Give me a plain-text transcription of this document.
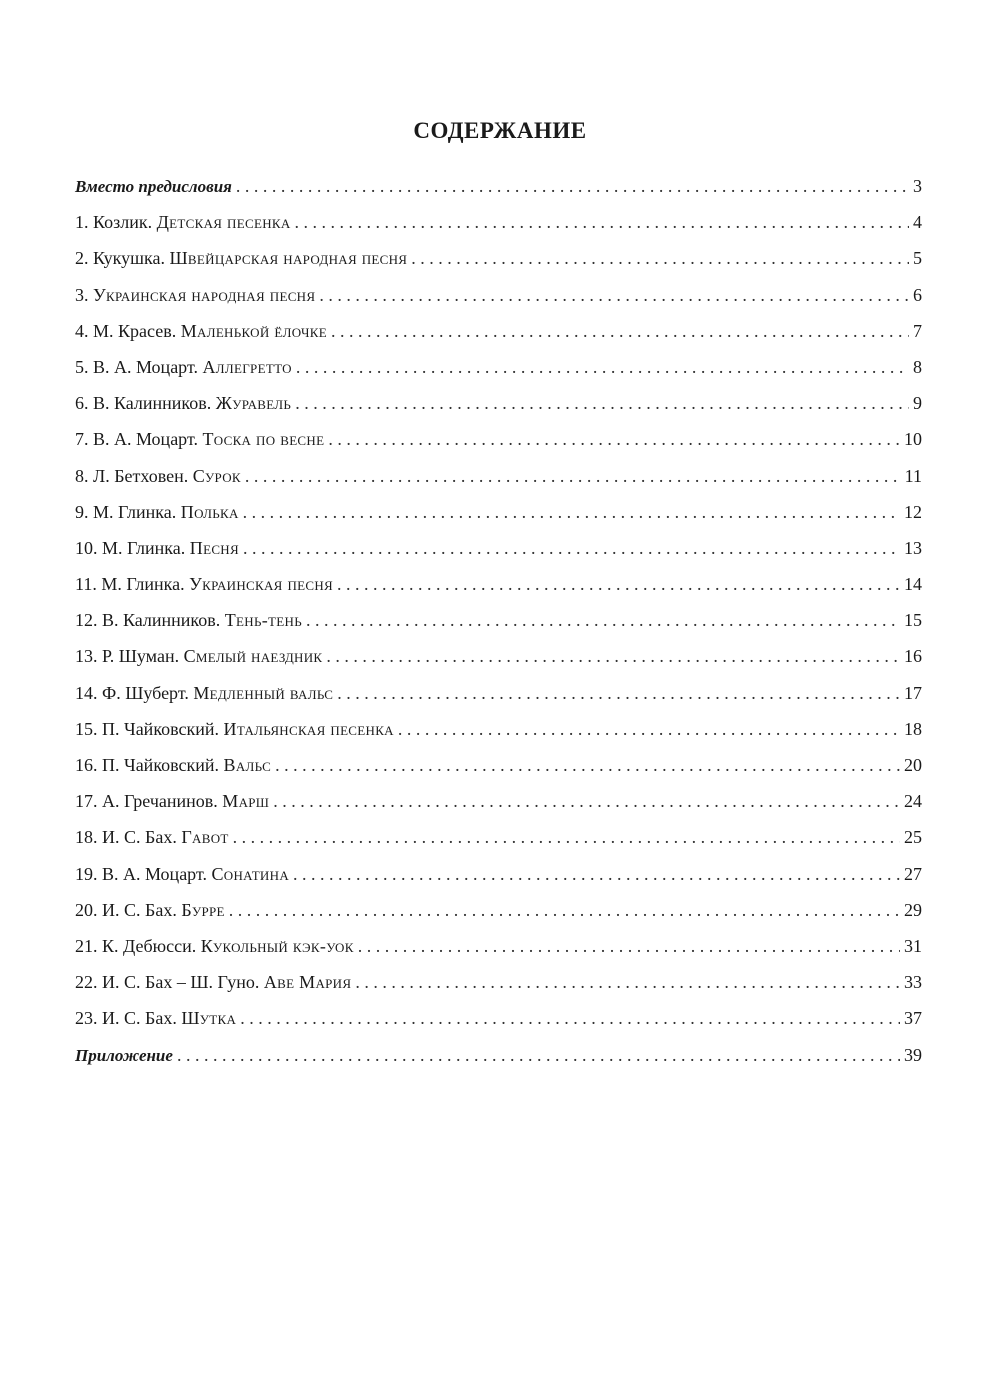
СОДЕРЖАНИЕ
Вместо предисловия . . .	3
1. Козлик. Детская песенка . . .	4
2. Кукушка. Швейцарская народная песня . . .	5
3. Украинская народная песня . . .	6
4. М. Красев. Маленькой ёлочке . . .	7
5. В. А. Моцарт. Аллегретто . . .	8
6. В. Калинников. Журавель . . .	9
7. В. А. Моцарт. Тоска по весне . . .	10
8. Л. Бетховен. Сурок . . .	11
9. М. Глинка. Полька . . .	12
10. М. Глинка. Песня . . .	13
11. М. Глинка. Украинская песня . . .	14
12. В. Калинников. Тень-тень . . .	15
13. Р. Шуман. Смелый наездник . . .	16
14. Ф. Шуберт. Медленный вальс . . .	17
15. П. Чайковский. Итальянская песенка . . .	18
16. П. Чайковский. Вальс . . .	20
17. А. Гречанинов. Марш . . .	24
18. И. С. Бах. Гавот . . .	25
19. В. А. Моцарт. Сонатина . . .	27
20. И. С. Бах. Бурре . . .	29
21. К. Дебюсси. Кукольный кэк-уок . . .	31
22. И. С. Бах – Ш. Гуно. Аве Мария . . .	33
23. И. С. Бах. Шутка . . .	37
Приложение . . .	39
